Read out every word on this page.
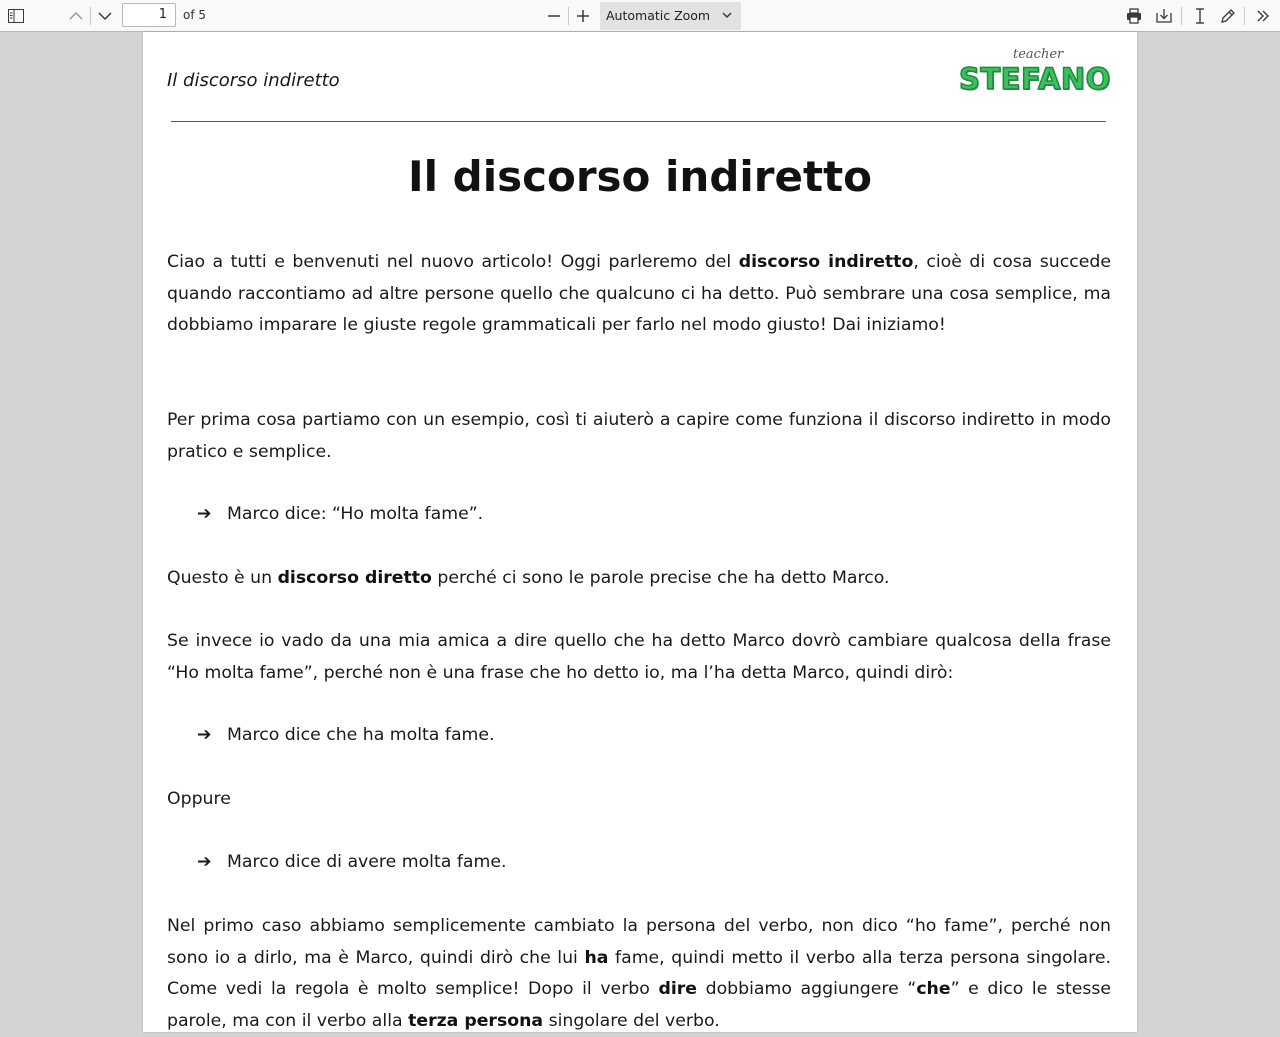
1	of 5	Automatic Zoom
Il discorso indiretto
teacher
STEFANO
Il discorso indiretto
Ciao a tutti e benvenuti nel nuovo articolo! Oggi parleremo del discorso indiretto, cioè di cosa succede quando raccontiamo ad altre persone quello che qualcuno ci ha detto. Può sembrare una cosa semplice, ma dobbiamo imparare le giuste regole grammaticali per farlo nel modo giusto! Dai iniziamo!
Per prima cosa partiamo con un esempio, così ti aiuterò a capire come funziona il discorso indiretto in modo pratico e semplice.
➔ Marco dice: “Ho molta fame”.
Questo è un discorso diretto perché ci sono le parole precise che ha detto Marco.
Se invece io vado da una mia amica a dire quello che ha detto Marco dovrò cambiare qualcosa della frase “Ho molta fame”, perché non è una frase che ho detto io, ma l’ha detta Marco, quindi dirò:
➔ Marco dice che ha molta fame.
Oppure
➔ Marco dice di avere molta fame.
Nel primo caso abbiamo semplicemente cambiato la persona del verbo, non dico “ho fame”, perché non sono io a dirlo, ma è Marco, quindi dirò che lui ha fame, quindi metto il verbo alla terza persona singolare. Come vedi la regola è molto semplice! Dopo il verbo dire dobbiamo aggiungere “che” e dico le stesse parole, ma con il verbo alla terza persona singolare del verbo.
